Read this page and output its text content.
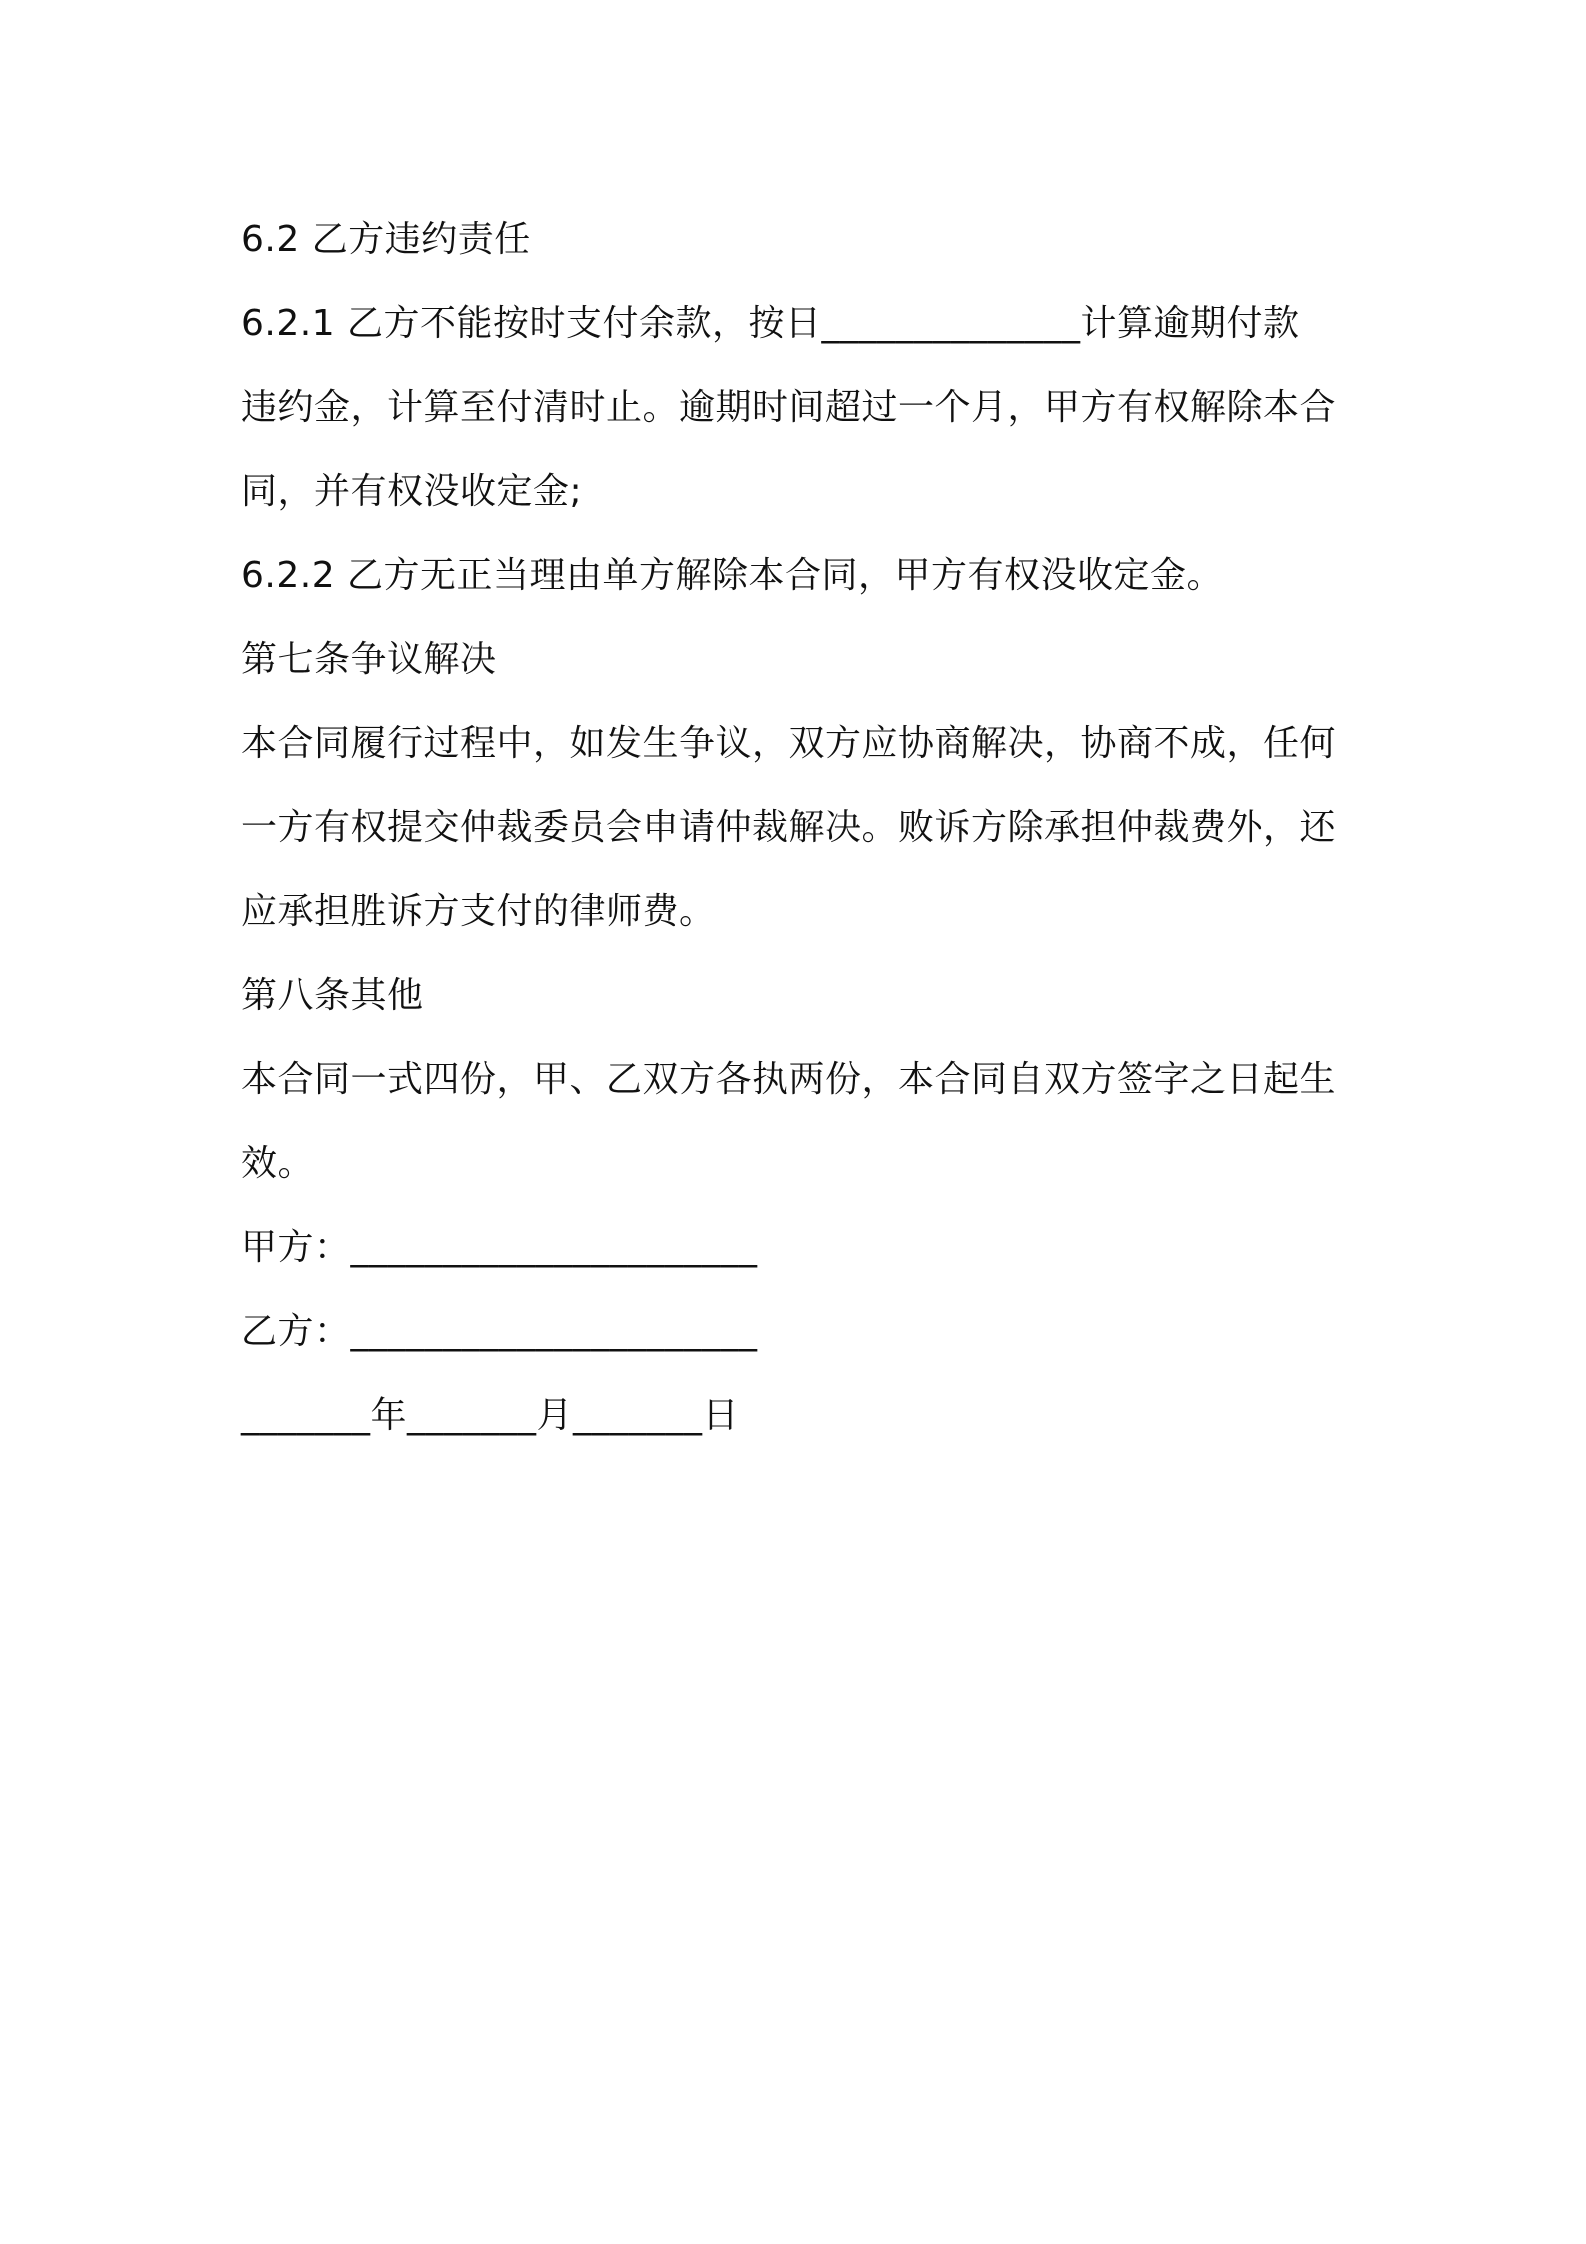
6.2 乙方违约责任
6.2.1 乙方不能按时支付余款，按日______________计算逾期付款
违约金，计算至付清时止。逾期时间超过一个月，甲方有权解除本合
同，并有权没收定金;
6.2.2 乙方无正当理由单方解除本合同，甲方有权没收定金。
第七条争议解决
本合同履行过程中，如发生争议，双方应协商解决，协商不成，任何
一方有权提交仲裁委员会申请仲裁解决。败诉方除承担仲裁费外，还
应承担胜诉方支付的律师费。
第八条其他
本合同一式四份，甲、乙双方各执两份，本合同自双方签字之日起生
效。
甲方：______________________
乙方：______________________
_______年_______月_______日
